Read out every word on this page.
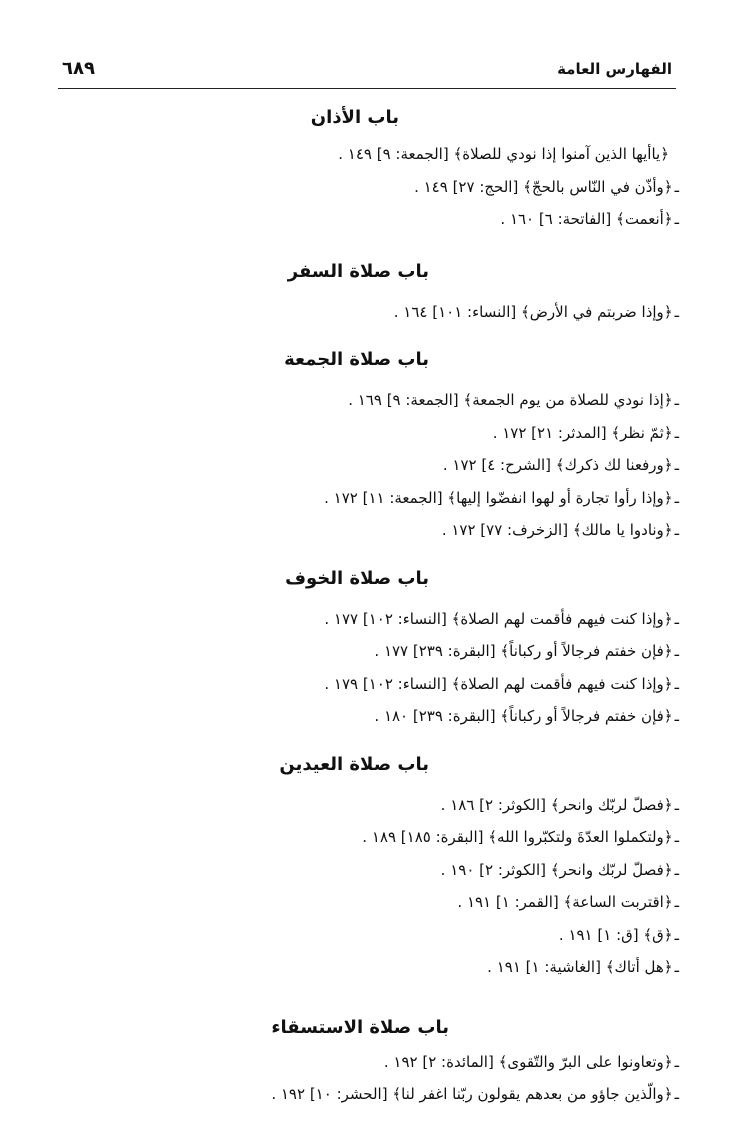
الفهارس العامة
٦٨٩
باب الأذان
﴿ياأيها الذين آمنوا إذا نودي للصلاة﴾ [الجمعة: ٩] ١٤٩ .
ـ﴿وأذّن في النّاس بالحجّ﴾ [الحج: ٢٧] ١٤٩ .
ـ﴿أنعمت﴾ [الفاتحة: ٦] ١٦٠ .
باب صلاة السفر
ـ﴿وإذا ضربتم في الأرض﴾ [النساء: ١٠١] ١٦٤ .
باب صلاة الجمعة
ـ﴿إذا نودي للصلاة من يوم الجمعة﴾ [الجمعة: ٩] ١٦٩ .
ـ﴿ثمّ نظر﴾ [المدثر: ٢١] ١٧٢ .
ـ﴿ورفعنا لك ذكرك﴾ [الشرح: ٤] ١٧٢ .
ـ﴿وإذا رأوا تجارة أو لهوا انفضّوا إليها﴾ [الجمعة: ١١] ١٧٢ .
ـ﴿ونادوا يا مالك﴾ [الزخرف: ٧٧] ١٧٢ .
باب صلاة الخوف
ـ﴿وإذا كنت فيهم فأقمت لهم الصلاة﴾ [النساء: ١٠٢] ١٧٧ .
ـ﴿فإن خفتم فرجالاً أو ركباناً﴾ [البقرة: ٢٣٩] ١٧٧ .
ـ﴿وإذا كنت فيهم فأقمت لهم الصلاة﴾ [النساء: ١٠٢] ١٧٩ .
ـ﴿فإن خفتم فرجالاً أو ركباناً﴾ [البقرة: ٢٣٩] ١٨٠ .
باب صلاة العيدين
ـ﴿فصلّ لربّك وانحر﴾ [الكوثر: ٢] ١٨٦ .
ـ﴿ولتكملوا العدّةَ ولتكبّروا الله﴾ [البقرة: ١٨٥] ١٨٩ .
ـ﴿فصلّ لربّك وانحر﴾ [الكوثر: ٢] ١٩٠ .
ـ﴿اقتربت الساعة﴾ [القمر: ١] ١٩١ .
ـ﴿ق﴾ [ق: ١] ١٩١ .
ـ﴿هل أتاك﴾ [الغاشية: ١] ١٩١ .
باب صلاة الاستسقاء
ـ﴿وتعاونوا على البرّ والتّقوى﴾ [المائدة: ٢] ١٩٢ .
ـ﴿والّذين جاؤو من بعدهم يقولون ربّنا اغفر لنا﴾ [الحشر: ١٠] ١٩٢ .
